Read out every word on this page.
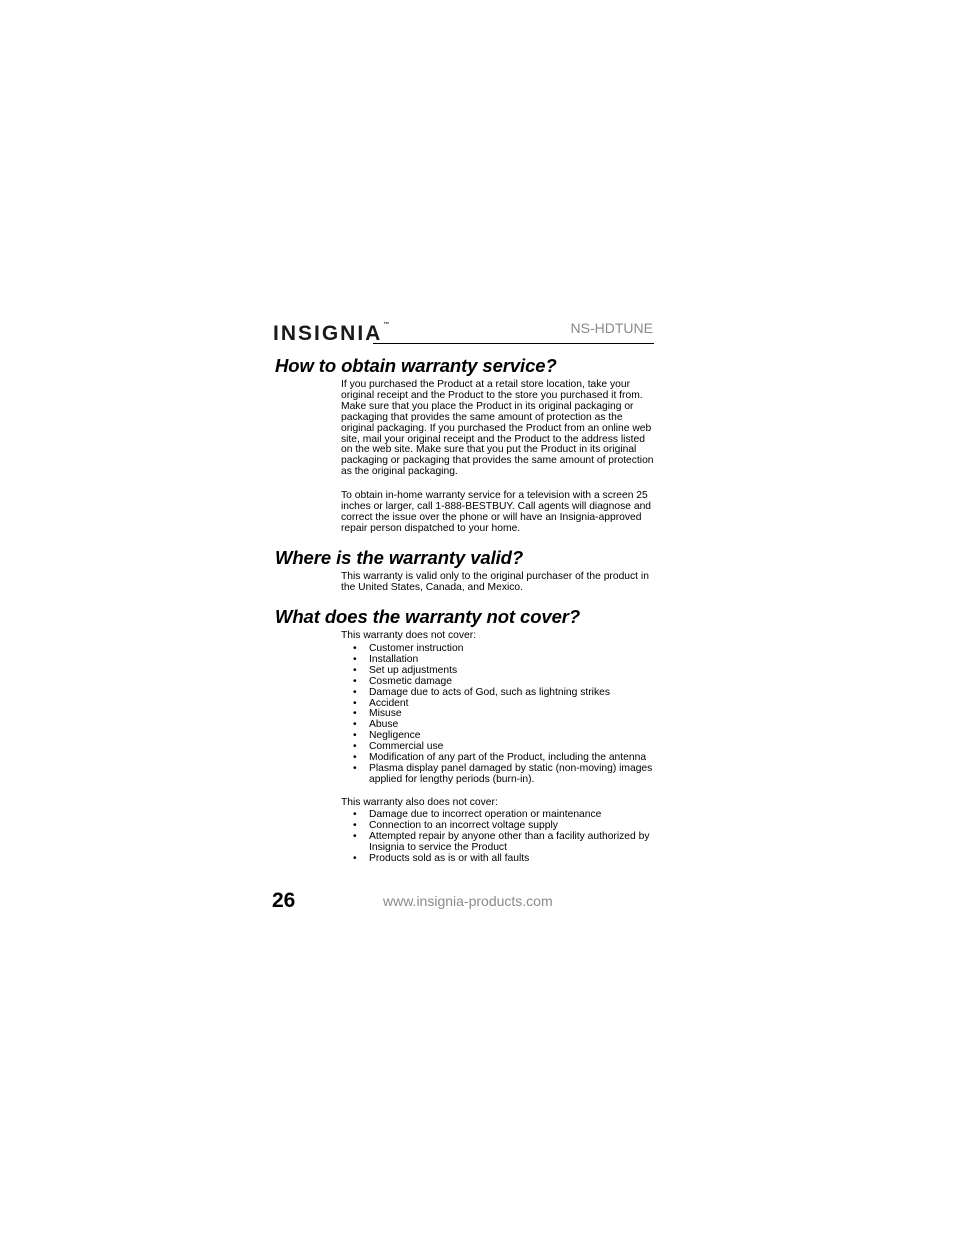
INSIGNIA™	NS-HDTUNE
How to obtain warranty service?

If you purchased the Product at a retail store location, take your original receipt and the Product to the store you purchased it from. Make sure that you place the Product in its original packaging or packaging that provides the same amount of protection as the original packaging. If you purchased the Product from an online web site, mail your original receipt and the Product to the address listed on the web site. Make sure that you put the Product in its original packaging or packaging that provides the same amount of protection as the original packaging.

To obtain in-home warranty service for a television with a screen 25 inches or larger, call 1-888-BESTBUY. Call agents will diagnose and correct the issue over the phone or will have an Insignia-approved repair person dispatched to your home.

Where is the warranty valid?

This warranty is valid only to the original purchaser of the product in the United States, Canada, and Mexico.

What does the warranty not cover?

This warranty does not cover:

• Customer instruction
• Installation
• Set up adjustments
• Cosmetic damage
• Damage due to acts of God, such as lightning strikes
• Accident
• Misuse
• Abuse
• Negligence
• Commercial use
• Modification of any part of the Product, including the antenna
• Plasma display panel damaged by static (non-moving) images applied for lengthy periods (burn-in).

This warranty also does not cover:

• Damage due to incorrect operation or maintenance
• Connection to an incorrect voltage supply
• Attempted repair by anyone other than a facility authorized by Insignia to service the Product
• Products sold as is or with all faults
26	www.insignia-products.com
